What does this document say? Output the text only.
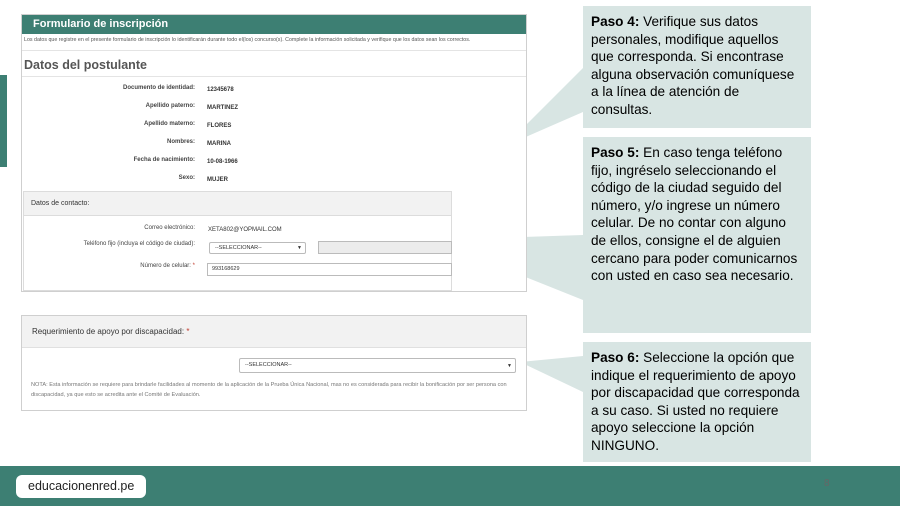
Formulario de inscripción
Los datos que registre en el presente formulario de inscripción lo identificarán durante todo el(los) concurso(s). Complete la información solicitada y verifique que los datos sean los correctos.
Datos del postulante
Documento de identidad: 12345678
Apellido paterno: MARTINEZ
Apellido materno: FLORES
Nombres: MARINA
Fecha de nacimiento: 10-08-1966
Sexo: MUJER
Datos de contacto:
Correo electrónico: XETA802@YOPMAIL.COM
Teléfono fijo (incluya el código de ciudad):
--SELECCIONAR--	▼
Número de celular: *	993168629
Requerimiento de apoyo por discapacidad: *
--SELECCIONAR--	▼
NOTA: Esta información se requiere para brindarle facilidades al momento de la aplicación de la Prueba Única Nacional, mas no es considerada para recibir la bonificación por ser persona con discapacidad, ya que esto se acredita ante el Comité de Evaluación.
Paso 4: Verifique sus datos personales, modifique aquellos que corresponda. Si encontrase alguna observación comuníquese a la línea de atención de consultas.
Paso 5: En caso tenga teléfono fijo, ingréselo seleccionando el código de la ciudad seguido del número, y/o ingrese un número celular. De no contar con alguno de ellos, consigne el de alguien cercano para poder comunicarnos con usted en caso sea necesario.
Paso 6: Seleccione la opción que indique el requerimiento de apoyo por discapacidad que corresponda a su caso. Si usted no requiere apoyo seleccione la opción NINGUNO.
educacionenred.pe	8
